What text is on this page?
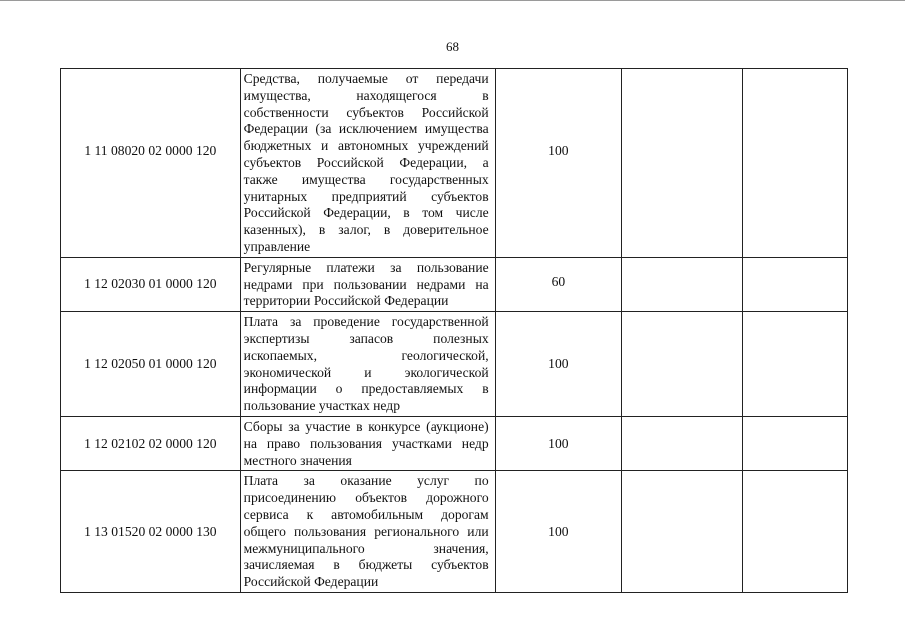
68
1 11 08020 02 0000 120	Средства, получаемые от передачи имущества, находящегося в собственности субъектов Российской Федерации (за исключением имущества бюджетных и автономных учреждений субъектов Российской Федерации, а также имущества государственных унитарных предприятий субъектов Российской Федерации, в том числе казенных), в залог, в доверительное управление	100		

1 12 02030 01 0000 120	Регулярные платежи за пользование недрами при пользовании недрами на территории Российской Федерации	60		

1 12 02050 01 0000 120	Плата за проведение государственной экспертизы запасов полезных ископаемых, геологической, экономической и экологической информации о предоставляемых в пользование участках недр	100		

1 12 02102 02 0000 120	Сборы за участие в конкурсе (аукционе) на право пользования участками недр местного значения	100		

1 13 01520 02 0000 130	Плата за оказание услуг по присоединению объектов дорожного сервиса к автомобильным дорогам общего пользования регионального или межмуниципального значения, зачисляемая в бюджеты субъектов Российской Федерации	100		
